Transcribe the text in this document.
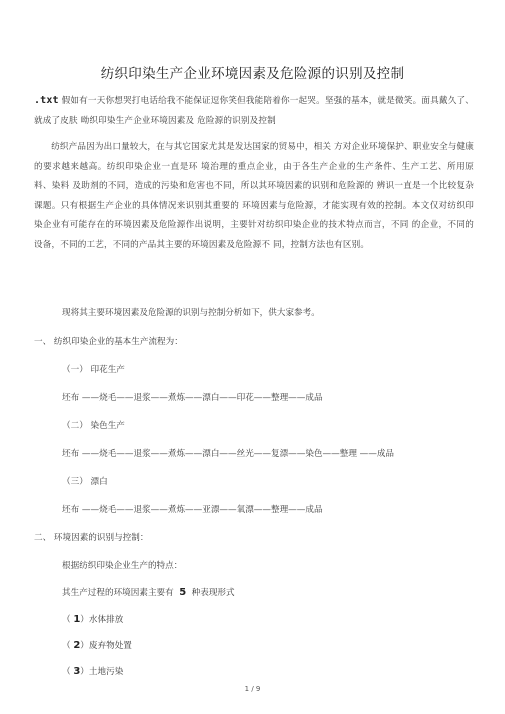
纺织印染生产企业环境因素及危险源的识别及控制
.txt 假如有一天你想哭打电话给我不能保证逗你笑但我能陪着你一起哭。坚强的基本，就是微笑。面具戴久了、就成了皮肤 呦织印染生产企业环境因素及 危险源的识别及控制
纺织产品因为出口量较大，在与其它国家尤其是发达国家的贸易中，相关 方对企业环境保护、职业安全与健康的要求越来越高。纺织印染企业一直是环 境治理的重点企业，由于各生产企业的生产条件、生产工艺、所用原料、染料 及助剂的不同，造成的污染和危害也不同，所以其环境因素的识别和危险源的 辨识一直是一个比较复杂课题。只有根据生产企业的具体情况来识别其重要的 环境因素与危险源，才能实现有效的控制。本文仅对纺织印染企业有可能存在的环境因素及危险源作出说明，主要针对纺织印染企业的技术特点而言，不同 的企业，不同的设备，不同的工艺，不同的产品其主要的环境因素及危险源不 同，控制方法也有区别。
现将其主要环境因素及危险源的识别与控制分析如下，供大家参考。
一、 纺织印染企业的基本生产流程为：
（一） 印花生产
坯布 ——烧毛——退浆——煮炼——漂白——印花——整理——成品
（二） 染色生产
坯布 ——烧毛——退浆——煮炼——漂白——丝光——复漂——染色——整理 ——成品
（三） 漂白
坯布 ——烧毛——退浆——煮炼——亚漂——氧漂——整理——成品
二、 环境因素的识别与控制：
根据纺织印染企业生产的特点：
其生产过程的环境因素主要有 5 种表现形式
（ 1）水体排放
（ 2）废弃物处置
（ 3）土地污染
1 / 9
